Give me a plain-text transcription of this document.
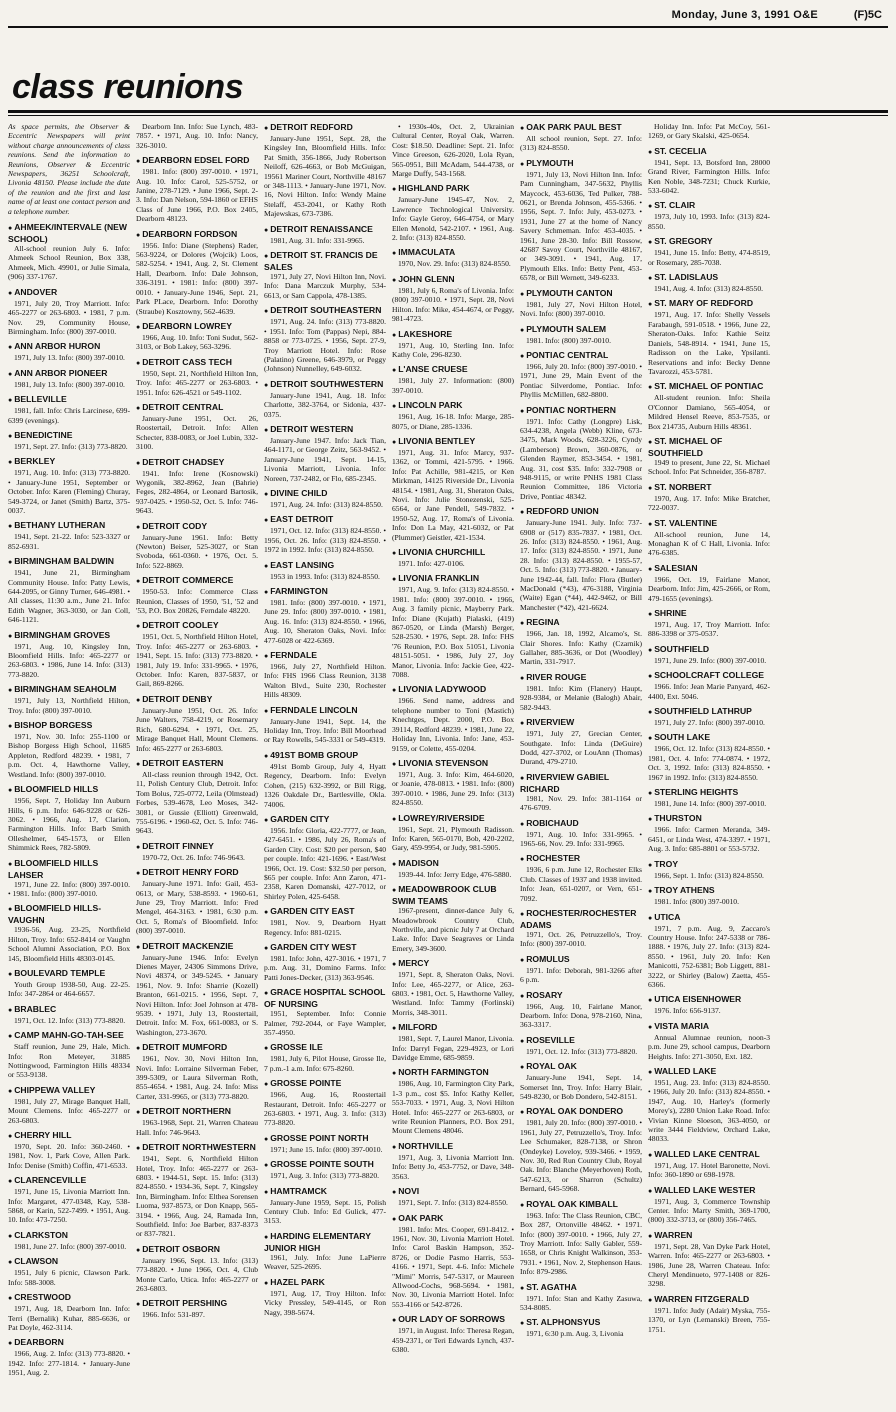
Monday, June 3, 1991 O&E	(F)5C
class reunions

As space permits, the Observer & Eccentric Newspapers will print without charge announcements of class reunions. Send the information to Reunions, Observer & Eccentric Newspapers, 36251 Schoolcraft, Livonia 48150. Please include the date of the reunion and the first and last name of at least one contact person and a telephone number.

● AHMEEK/INTERVALE (NEW SCHOOL)
All-school reunion July 6. Info: Ahmeek School Reunion, Box 338, Ahmeek, Mich. 49901, or Julie Simala, (906) 337-1767.
● ANDOVER
1971, July 20, Troy Marriott. Info: 465-2277 or 263-6803. • 1981, 7 p.m. Nov. 29, Community House, Birmingham. Info: (800) 397-0010.
● ANN ARBOR HURON
1971, July 13. Info: (800) 397-0010.
● ANN ARBOR PIONEER
1981, July 13. Info: (800) 397-0010.
● BELLEVILLE
1981, fall. Info: Chris Larcinese, 699-6399 (evenings).
● BENEDICTINE
1971, Sept. 27. Info: (313) 773-8820.
● BERKLEY
1971, Aug. 10. Info: (313) 773-8820. • January-June 1951, September or October. Info: Karen (Fleming) Churay, 549-3724, or Janet (Smith) Bartz, 375-0037.
● BETHANY LUTHERAN
1941, Sept. 21-22. Info: 523-3327 or 852-6931.
● BIRMINGHAM BALDWIN
1941, June 21, Birmingham Community House. Info: Patty Lewis, 644-2095, or Ginny Turner, 646-4981. • All classes, 11:30 a.m., June 21. Info: Edith Wagner, 363-3030, or Jan Coll, 646-1121.
● BIRMINGHAM GROVES
1971, Aug. 10, Kingsley Inn, Bloomfield Hills. Info: 465-2277 or 263-6803. • 1986, June 14. Info: (313) 773-8820.
● BIRMINGHAM SEAHOLM
1971, July 13, Northfield Hilton, Troy. Info: (800) 397-0010.
● BISHOP BORGESS
1971, Nov. 30. Info: 255-1100 or Bishop Borgess High School, 11685 Appleton, Redford 48239. • 1981, 7 p.m. Oct. 4, Hawthorne Valley, Westland. Info: (800) 397-0010.
● BLOOMFIELD HILLS
1956, Sept. 7, Holiday Inn Auburn Hills, 6 p.m. Info: 646-9228 or 626-3062. • 1966, Aug. 17, Clarion, Farmington Hills. Info: Barb Smith Olleshelmer, 645-1573, or Ellen Shimmick Rees, 782-5809.
● BLOOMFIELD HILLS LAHSER
1971, June 22. Info: (800) 397-0010. • 1981. Info: (800) 397-0010.
● BLOOMFIELD HILLS-VAUGHN
1936-56, Aug. 23-25, Northfield Hilton, Troy. Info: 652-8414 or Vaughn School Alumni Association, P.O. Box 145, Bloomfield Hills 48303-0145.
● BOULEVARD TEMPLE
Youth Group 1938-50, Aug. 22-25. Info: 347-2864 or 464-6657.
● BRABLEC
1971, Oct. 12. Info: (313) 773-8820.
● CAMP MAHN-GO-TAH-SEE
Staff reunion, June 29, Hale, Mich. Info: Ron Meteyer, 31885 Nottingwood, Farmington Hills 48334 or 553-9138.
● CHIPPEWA VALLEY
1981, July 27, Mirage Banquet Hall, Mount Clemens. Info: 465-2277 or 263-6803.
● CHERRY HILL
1970, Sept. 20. Info: 360-2460. • 1981, Nov. 1, Park Cove, Allen Park. Info: Denise (Smith) Coffin, 471-6533.
● CLARENCEVILLE
1971, June 15, Livonia Marriott Inn. Info: Margaret, 477-0348, Kay, 538-5868, or Karin, 522-7499. • 1951, Aug. 10. Info: 473-7250.
● CLARKSTON
1981, June 27. Info: (800) 397-0010.
● CLAWSON
1951, July 6 picnic, Clawson Park. Info: 588-3008.
● CRESTWOOD
1971, Aug. 18, Dearborn Inn. Info: Terri (Bernalik) Kuhar, 885-6636, or Pat Doyle, 462-3114.
● DEARBORN
1966, Aug. 2. Info: (313) 773-8820. • 1942. Info: 277-1814. • January-June 1951, Aug. 2.
Dearborn Inn. Info: Sue Lynch, 483-7857. • 1971, Aug. 10. Info: Nancy, 326-3010.
● DEARBORN EDSEL FORD
1981. Info: (800) 397-0010. • 1971, Aug. 10. Info: Carol, 525-5752, or Janine, 278-7129. • June 1966, Sept. 2-3. Info: Dan Nelson, 594-1860 or EFHS Class of June 1966, P.O. Box 2405, Dearborn 48123.
● DEARBORN FORDSON
1956. Info: Diane (Stephens) Rader, 563-9224, or Dolores (Wojcik) Loos, 582-5254. • 1941, Aug. 2, St. Clement Hall, Dearborn. Info: Dale Johnson, 336-3191. • 1981: Info: (800) 397-0010. • January-June 1946, Sept. 21, Park PLace, Dearborn. Info: Dorothy (Straube) Kosztowny, 562-4639.
● DEARBORN LOWREY
1966, Aug. 10. Info: Toni Sudut, 562-3103, or Bob Lakey, 563-3296.
● DETROIT CASS TECH
1950, Sept. 21, Northfield Hilton Inn, Troy. Info: 465-2277 or 263-6803. • 1951. Info: 626-4521 or 549-1102.
● DETROIT CENTRAL
January-June 1951, Oct. 26, Roostertail, Detroit. Info: Allen Schecter, 838-0083, or Joel Lubin, 332-3100.
● DETROIT CHADSEY
1941. Info: Irene (Kosnowski) Wygonik, 382-8962, Jean (Bahrie) Feges, 282-4864, or Leonard Bartosik, 937-0425. • 1950-52, Oct. 5. Info: 746-9643.
● DETROIT CODY
January-June 1961. Info: Betty (Newton) Beiser, 525-3027, or Stan Svoboda, 661-0360. • 1976, Oct. 5. Info: 522-8869.
● DETROIT COMMERCE
1950-53. Info: Commerce Class Reunion, Classes of 1950, '51, '52 and '53, P.O. Box 20826, Ferndale 48220.
● DETROIT COOLEY
1951, Oct. 5, Northfield Hilton Hotel, Troy. Info: 465-2277 or 263-6803. • 1941, Sept. 15. Info: (313) 773-8820. • 1981, July 19. Info: 331-9965. • 1976, October. Info: Karen, 837-5837, or Gail, 869-8266.
● DETROIT DENBY
January-June 1951, Oct. 26. Info: June Walters, 758-4219, or Rosemary Rich, 680-6294. • 1971, Oct. 25, Mirage Banquet Hall, Mount Clemens. Info: 465-2277 or 263-6803.
● DETROIT EASTERN
All-class reunion through 1942, Oct. 11, Polish Century Club, Detroit. Info: Tom Bolus, 725-0772, Leila (Olmstead) Forbes, 539-4678, Leo Moses, 342-3081, or Gussie (Elliott) Greenwald, 755-6196. • 1960-62, Oct. 5. Info: 746-9643.
● DETROIT FINNEY
1970-72, Oct. 26. Info: 746-9643.
● DETROIT HENRY FORD
January-June 1971. Info: Gail, 453-0613, or Mary, 538-8593. • 1960-61, June 29, Troy Marriott. Info: Fred Mengel, 464-3163. • 1981, 6:30 p.m. Oct. 5, Roma's of Bloomfield. Info: (800) 397-0010.
● DETROIT MACKENZIE
January-June 1946. Info: Evelyn Dienes Mayer, 24306 Simmons Drive, Novi 48374, or 349-5245. • January 1961, Nov. 9. Info: Sharrie (Kozell) Branton, 661-0215. • 1956, Sept. 7, Novi Hilton. Info: Joel Johnson at 478-9539. • 1971, July 13, Roostertail, Detroit. Info: M. Fox, 661-0083, or S. Washington, 273-3670.
● DETROIT MUMFORD
1961, Nov. 30, Novi Hilton Inn, Novi. Info: Lorraine Silverman Feber, 399-5309, or Laura Silverman Roth, 855-4654. • 1981, Aug. 24. Info: Miss Carter, 331-9965, or (313) 773-8820.
● DETROIT NORTHERN
1963-1968, Sept. 21, Warren Chateau Hall. Info: 746-9643.
● DETROIT NORTHWESTERN
1941, Sept. 6, Northfield Hilton Hotel, Troy. Info: 465-2277 or 263-6803. • 1944-51, Sept. 15. Info: (313) 824-8550. • 1934-36, Sept. 7, Kingsley Inn, Birmingham. Info: Elthea Sorensen Luoma, 937-8573, or Don Knapp, 565-3194. • 1966, Aug. 24, Ramada Inn, Southfield. Info: Joe Barber, 837-8373 or 837-7821.
● DETROIT OSBORN
January 1966, Sept. 13. Info: (313) 773-8820. • June 1966, Oct. 4, Club Monte Carlo, Utica. Info: 465-2277 or 263-6803.
● DETROIT PERSHING
1966. Info: 531-897.
● DETROIT REDFORD
January-June 1951, Sept. 28, the Kingsley Inn, Bloomfield Hills. Info: Pat Smith, 356-1866, Judy Robertson Neiloff, 626-4663, or Bob McGuigan, 19561 Mariner Court, Northville 48167 or 348-1113. • January-June 1971, Nov. 16, Novi Hilton. Info: Wendy Maine Stelaff, 453-2041, or Kathy Roth Majewskas, 673-7386.
● DETROIT RENAISSANCE
1981, Aug. 31. Info: 331-9965.
● DETROIT ST. FRANCIS DE SALES
1971, July 27, Novi Hilton Inn, Novi. Info: Dana Marczuk Murphy, 534-6613, or Sam Cappola, 478-1385.
● DETROIT SOUTHEASTERN
1971, Aug. 24. Info: (313) 773-8820. • 1951. Info: Tom (Pappas) Nepi, 884-8858 or 773-0725. • 1956, Sept. 27-9, Troy Marriott Hotel. Info: Rose (Palatino) Greene, 646-3979, or Peggy (Johnson) Nunnelley, 649-6032.
● DETROIT SOUTHWESTERN
January-June 1941, Aug. 18. Info: Charlotte, 382-3764, or Sidonia, 437-0375.
● DETROIT WESTERN
January-June 1947. Info: Jack Tian, 464-1171, or George Zeitz, 563-9452. • January-June 1941, Sept. 14-15, Livonia Marriott, Livonia. Info: Noreen, 737-2482, or Flo, 685-2345.
● DIVINE CHILD
1971, Aug. 24. Info: (313) 824-8550.
● EAST DETROIT
1971, Oct. 12. Info: (313) 824-8550. • 1956, Oct. 26. Info: (313) 824-8550. • 1972 in 1992. Info: (313) 824-8550.
● EAST LANSING
1953 in 1993. Info: (313) 824-8550.
● FARMINGTON
1981. Info: (800) 397-0010. • 1971, June 29. Info: (800) 397-0010. • 1981, Aug. 16. Info: (313) 824-8550. • 1966, Aug. 10, Sheraton Oaks, Novi. Info: 477-6028 or 422-6369.
● FERNDALE
1966, July 27, Northfield Hilton. Info: FHS 1966 Class Reunion, 3138 Walton Blvd., Suite 230, Rochester Hills 48309.
● FERNDALE LINCOLN
January-June 1941, Sept. 14, the Holiday Inn, Troy. Info: Bill Moorhead or Ray Rowells, 545-3331 or 549-4319.
● 491ST BOMB GROUP
491st Bomb Group, July 4, Hyatt Regency, Dearborn. Info: Evelyn Cohen, (215) 632-3992, or Bill Rigg, 1326 Oakdale Dr., Bartlesville, Okla. 74006.
● GARDEN CITY
1956. Info: Gloria, 422-7777, or Jean, 427-6451. • 1986, July 26, Roma's of Garden City. Cost: $20 per person, $40 per couple. Info: 421-1696. • East/West 1966, Oct. 19. Cost: $32.50 per person, $65 per couple. Info: Ann Zaron, 471-2358, Karen Domanski, 427-7012, or Shirley Polen, 425-6458.
● GARDEN CITY EAST
1981, Nov. 9, Dearborn Hyatt Regency. Info: 881-0215.
● GARDEN CITY WEST
1981. Info: John, 427-3016. • 1971, 7 p.m. Aug. 31, Domino Farms. Info: Patti Jones-Decker, (313) 363-9546.
● GRACE HOSPITAL SCHOOL OF NURSING
1951, September. Info: Connie Palmer, 792-2044, or Faye Wampler, 357-4950.
● GROSSE ILE
1981, July 6, Pilot House, Grosse Ile, 7 p.m.-1 a.m. Info: 675-8260.
● GROSSE POINTE
1966, Aug. 16, Roostertail Restaurant, Detroit. Info: 465-2277 or 263-6803. • 1971, Aug. 3. Info: (313) 773-8820.
● GROSSE POINT NORTH
1971; June 15. Info: (800) 397-0010.
● GROSSE POINTE SOUTH
1971, Aug. 3. Info: (313) 773-8820.
● HAMTRAMCK
January-June 1959, Sept. 15, Polish Century Club. Info: Ed Gulick, 477-3153.
● HARDING ELEMENTARY JUNIOR HIGH
1961, July. Info: June LaPierre Weaver, 525-2695.
● HAZEL PARK
1971, Aug. 17, Troy Hilton. Info: Vicky Pressley, 549-4145, or Ron Nagy, 398-5674.
• 1930s-40s, Oct. 2, Ukrainian Cultural Center, Royal Oak, Warren. Cost: $18.50. Deadline: Sept. 21. Info: Vince Greeson, 626-2020, Lola Ryan, 565-0951, Bill McAdam, 544-4738, or Marge Duffy, 543-1568.
● HIGHLAND PARK
January-June 1945-47, Nov. 2, Lawrence Technological University. Info: Gayle Geroy, 646-4754, or Mary Ellen Menold, 542-2107. • 1961, Aug. 2. Info: (313) 824-8550.
● IMMACULATA
1970, Nov. 29. Info: (313) 824-8550.
● JOHN GLENN
1981, July 6, Roma's of Livonia. Info: (800) 397-0010. • 1971, Sept. 28, Novi Hilton. Info: Mike, 454-4674, or Peggy, 981-4723.
● LAKESHORE
1971, Aug. 10, Sterling Inn. Info: Kathy Cole, 296-8230.
● L'ANSE CRUESE
1981, July 27. Information: (800) 397-0010.
● LINCOLN PARK
1961, Aug. 16-18. Info: Marge, 285-8075, or Diane, 285-1336.
● LIVONIA BENTLEY
1971, Aug. 31. Info: Marcy, 937-1362, or Tommi, 421-5795. • 1966. Info: Pat Achille, 981-4215, or Ken Mirkman, 14125 Riverside Dr., Livonia 48154. • 1981, Aug. 31, Sheraton Oaks, Novi. Info: Julie Stonezenski, 525-6564, or Jane Pendell, 549-7832. • 1950-52, Aug. 17, Roma's of Livonia. Info: Don La May, 421-6032, or Pat (Plummer) Geistler, 421-1534.
● LIVONIA CHURCHILL
1971. Info: 427-0106.
● LIVONIA FRANKLIN
1971, Aug. 9. Info: (313) 824-8550. • 1981. Info: (800) 397-0010. • 1966, Aug. 3 family picnic, Mayberry Park. Info: Diane (Kujath) Pialaski, (419) 867-0520, or Linda (Marsh) Berger, 528-2530. • 1976, Sept. 28. Info: FHS '76 Reunion, P.O. Box 51051, Livonia 48151-5051. • 1986, July 27, Joy Manor, Livonia. Info: Jackie Gee, 422-7088.
● LIVONIA LADYWOOD
1966. Send name, address and telephone number to Toni (Mastich) Knechtges, Dept. 2000, P.O. Box 39114, Redford 48239. • 1981, June 22, Holiday Inn, Livonia. Info: Jane, 453-9159, or Colette, 455-0204.
● LIVONIA STEVENSON
1971, Aug. 3. Info: Kim, 464-6020, or Joanie, 478-0813. • 1981. Info: (800) 397-0010. • 1986, June 29. Info: (313) 824-8550.
● LOWREY/RIVERSIDE
1961, Sept. 21, Plymouth Radisson. Info: Karen, 565-0170, Bob, 420-2202, Gary, 459-9954, or Judy, 981-5905.
● MADISON
1939-44. Info: Jerry Edge, 476-5880.
● MEADOWBROOK CLUB SWIM TEAMS
1967-present, dinner-dance July 6, Meadowbrook Country Club, Northville, and picnic July 7 at Orchard Lake. Info: Dave Seagraves or Linda Emery, 349-3600.
● MERCY
1971, Sept. 8, Sheraton Oaks, Novi. Info: Lee, 465-2277, or Alice, 263-6803. • 1981, Oct. 5, Hawthorne Valley, Westland. Info: Tammy (Forlinski) Morris, 348-3011.
● MILFORD
1981, Sept. 7, Laurel Manor, Livonia. Info: Darryl Fegan, 229-4923, or Lori Davidge Emme, 685-9859.
● NORTH FARMINGTON
1986, Aug. 10, Farmington City Park, 1-3 p.m., cost $5. Info: Kathy Keller, 553-7033. • 1971, Aug. 3, Novi Hilton Hotel. Info: 465-2277 or 263-6803, or write Reunion Planners, P.O. Box 291, Mount Clemens 48046.
● NORTHVILLE
1971, Aug. 3, Livonia Marriott Inn. Info: Betty Jo, 453-7752, or Dave, 348-3563.
● NOVI
1971, Sept. 7. Info: (313) 824-8550.
● OAK PARK
1981. Info: Mrs. Cooper, 691-8412. • 1961, Nov. 30, Livonia Marriott Hotel. Info: Carol Baskin Hampson, 352-8726, or Dodie Pasmo Harris, 553-4166. • 1971, Sept. 4-6. Info: Michele "Mimi" Morris, 547-5317, or Maureen Allwood-Cochs, 968-5694. • 1981, Nov. 30, Livonia Marriott Hotel. Info: 553-4166 or 542-8726.
● OUR LADY OF SORROWS
1971, in August. Info: Theresa Regan, 459-2371, or Teri Edwards Lynch, 437-6380.
● OAK PARK PAUL BEST
All school reunion, Sept. 27. Info: (313) 824-8550.
● PLYMOUTH
1971, July 13, Novi Hilton Inn. Info: Pam Cunningham, 347-5632, Phyllis Maycock, 453-6036, Ted Pulker, 788-0621, or Brenda Johnson, 455-5366. • 1956, Sept. 7. Info: July, 453-0273. • 1931, June 27 at the home of Nancy Savery Schmeman. Info: 453-4035. • 1961, June 28-30. Info: Bill Rossow, 42687 Savoy Court, Northville 48167, or 349-3091. • 1941, Aug. 17, Plymouth Elks. Info: Betty Pent, 453-6578, or Bill Wernett, 349-6233.
● PLYMOUTH CANTON
1981, July 27, Novi Hilton Hotel, Novi. Info: (800) 397-0010.
● PLYMOUTH SALEM
1981. Info: (800) 397-0010.
● PONTIAC CENTRAL
1966, July 20. Info: (800) 397-0010. • 1971, June 29, Main Event of the Pontiac Silverdome, Pontiac. Info: Phyllis McMillen, 682-8800.
● PONTIAC NORTHERN
1971. Info: Cathy (Longpre) Lisk, 634-4238, Angela (Webb) Kline, 673-3475, Mark Woods, 628-3226, Cyndy (Lamberson) Brown, 360-0876, or Glenden Raymer, 853-3454. • 1981, Aug. 31, cost $35. Info: 332-7908 or 948-9115, or write PNHS 1981 Class Reunion Committee, 186 Victoria Drive, Pontiac 48342.
● REDFORD UNION
January-June 1941. July. Info: 737-6908 or (517) 835-7837. • 1981, Oct. 26. Info: (313) 824-8550. • 1961, Aug. 17. Info: (313) 824-8550. • 1971, June 28. Info: (313) 824-8550. • 1955-57, Oct. 5. Info: (313) 773-8820. • January-June 1942-44, fall. Info: Flora (Butler) MacDonald (*43), 476-3188, Virginia (Waite) Egan (*44), 442-9462, or Bill Manchester (*42), 421-6624.
● REGINA
1966, Jan. 18, 1992, Alcamo's, St. Clair Shores. Info: Kathy (Czarnik) Gallaher, 885-3636, or Dot (Woodley) Martin, 331-7917.
● RIVER ROUGE
1981. Info: Kim (Flanery) Haupt, 928-9384, or Melanie (Balogh) Abair, 582-9443.
● RIVERVIEW
1971, July 27, Grecian Center, Southgate. Info: Linda (DeGuire) Dodd, 427-3702, or LouAnn (Thomas) Durand, 479-2710.
● RIVERVIEW GABIEL RICHARD
1981, Nov. 29. Info: 381-1164 or 476-6709.
● ROBICHAUD
1971, Aug. 10. Info: 331-9965. • 1965-66, Nov. 29. Info: 331-9965.
● ROCHESTER
1936, 6 p.m. June 12, Rochester Elks Club. Classes of 1937 and 1938 invited. Info: Jean, 651-0207, or Vern, 651-7092.
● ROCHESTER/ROCHESTER ADAMS
1971, Oct. 26, Petruzzello's, Troy. Info: (800) 397-0010.
● ROMULUS
1971. Info: Deborah, 981-3266 after 6 p.m.
● ROSARY
1966, Aug. 10, Fairlane Manor, Dearborn. Info: Dona, 978-2160, Nina, 363-3317.
● ROSEVILLE
1971, Oct. 12. Info: (313) 773-8820.
● ROYAL OAK
January-June 1941, Sept. 14, Somerset Inn, Troy. Info: Harry Blair, 549-8230, or Bob Dondero, 542-8151.
● ROYAL OAK DONDERO
1981, July 20. Info: (800) 397-0010. • 1961, July 27, Petruzzello's, Troy. Info: Lee Schumaker, 828-7138, or Shron (Ondeyke) Loveloy, 939-3466. • 1959, Nov. 30, Red Run Country Club, Royal Oak. Info: Blanche (Meyerhoven) Roth, 547-6213, or Sharron (Schultz) Bernard, 645-5968.
● ROYAL OAK KIMBALL
1963. Info: The Class Reunion, CBC, Box 287, Ortonville 48462. • 1971. Info: (800) 397-0010. • 1966, July 27, Troy Marriott. Info: Sally Gabler, 559-1658, or Chris Knight Walkinson, 353-7931. • 1961, Nov. 2, Stephenson Haus. Info: 879-2986.
● ST. AGATHA
1971. Info: Stan and Kathy Zasuwa, 534-8085.
● ST. ALPHONSYUS
1971, 6:30 p.m. Aug. 3, Livonia
Holiday Inn. Info: Pat McCoy, 561-1269, or Gary Skalski, 425-0654.
● ST. CECELIA
1941, Sept. 13, Botsford Inn, 28000 Grand River, Farmington Hills. Info: Ken Noble, 348-7231; Chuck Kurkie, 533-6042.
● ST. CLAIR
1973, July 10, 1993. Info: (313) 824-8550.
● ST. GREGORY
1941, June 15. Info: Betty, 474-8519, or Rosemary, 285-7038.
● ST. LADISLAUS
1941, Aug. 4. Info: (313) 824-8550.
● ST. MARY OF REDFORD
1971, Aug. 17. Info: Shelly Vessels Farabaugh, 591-0518. • 1966, June 22, Sheraton-Oaks. Info: Kathie Seitz Daniels, 548-8914. • 1941, June 15, Radisson on the Lake, Ypsilanti. Reservations and info: Becky Denne Tavarozzi, 453-5781.
● ST. MICHAEL OF PONTIAC
All-student reunion. Info: Sheila O'Connor Damiano, 565-4054, or Mildred Hensel Reeve, 853-7535, or Box 214735, Auburn Hills 48361.
● ST. MICHAEL OF SOUTHFIELD
1949 to present, June 22, St. Michael School. Info: Pat Schneider, 356-8787.
● ST. NORBERT
1970, Aug. 17. Info: Mike Bratcher, 722-0037.
● ST. VALENTINE
All-school reunion, June 14, Monaghan K of C Hall, Livonia. Info: 476-6385.
● SALESIAN
1966, Oct. 19, Fairlane Manor, Dearborn. Info: Jim, 425-2666, or Rom, 479-1655 (evenings).
● SHRINE
1971, Aug. 17, Troy Marriott. Info: 886-3398 or 375-0537.
● SOUTHFIELD
1971, June 29. Info: (800) 397-0010.
● SCHOOLCRAFT COLLEGE
1966. Info: Jean Marie Panyard, 462-4400, Ext. 5046.
● SOUTHFIELD LATHRUP
1971, July 27. Info: (800) 397-0010.
● SOUTH LAKE
1966, Oct. 12. Info: (313) 824-8550. • 1981, Oct. 4. Info: 774-0874. • 1972, Oct. 3, 1992. Info: (313) 824-8550. • 1967 in 1992. Info: (313) 824-8550.
● STERLING HEIGHTS
1981, June 14. Info: (800) 397-0010.
● THURSTON
1966. Info: Carmen Meranda, 349-6451, or Linda West, 474-3397. • 1971, Aug. 3. Info: 685-8801 or 553-5732.
● TROY
1966, Sept. 1. Info: (313) 824-8550.
● TROY ATHENS
1981. Info: (800) 397-0010.
● UTICA
1971, 7 p.m. Aug. 9, Zaccaro's Country House. Info: 247-5338 or 786-1888. • 1976, July 27. Info: (313) 824-8550. • 1961, July 20. Info: Ken Manicotti, 752-6381; Bob Liggett, 881-3222, or Shirley (Balow) Zaetta, 455-6366.
● UTICA EISENHOWER
1976. Info: 656-9137.
● VISTA MARIA
Annual Alumnae reunion, noon-3 p.m. June 29, school campus, Dearborn Heights. Info: 271-3050, Ext. 182.
● WALLED LAKE
1951, Aug. 23. Info: (313) 824-8550. • 1966, July 20. Info: (313) 824-8550. • 1947, Aug. 10, Harley's (formerly Morey's), 2280 Union Lake Road. Info: Vivian Kinne Sloeson, 363-4050, or write 3444 Fieldview, Orchard Lake, 48033.
● WALLED LAKE CENTRAL
1971, Aug. 17. Hotel Baronette, Novi. Info: 360-1890 or 698-1978.
● WALLED LAKE WESTER
1971, Aug. 3, Commerce Township Center. Info: Marty Smith, 369-1700, (800) 332-3713, or (800) 356-7465.
● WARREN
1971, Sept. 28, Van Dyke Park Hotel, Warren. Info: 465-2277 or 263-6803. • 1986, June 28, Warren Chateau. Info: Cheryl Mendinueto, 977-1408 or 826-3298.
● WARREN FITZGERALD
1971. Info: Judy (Adair) Myska, 755-1370, or Lyn (Lemanski) Breen, 755-1751.
